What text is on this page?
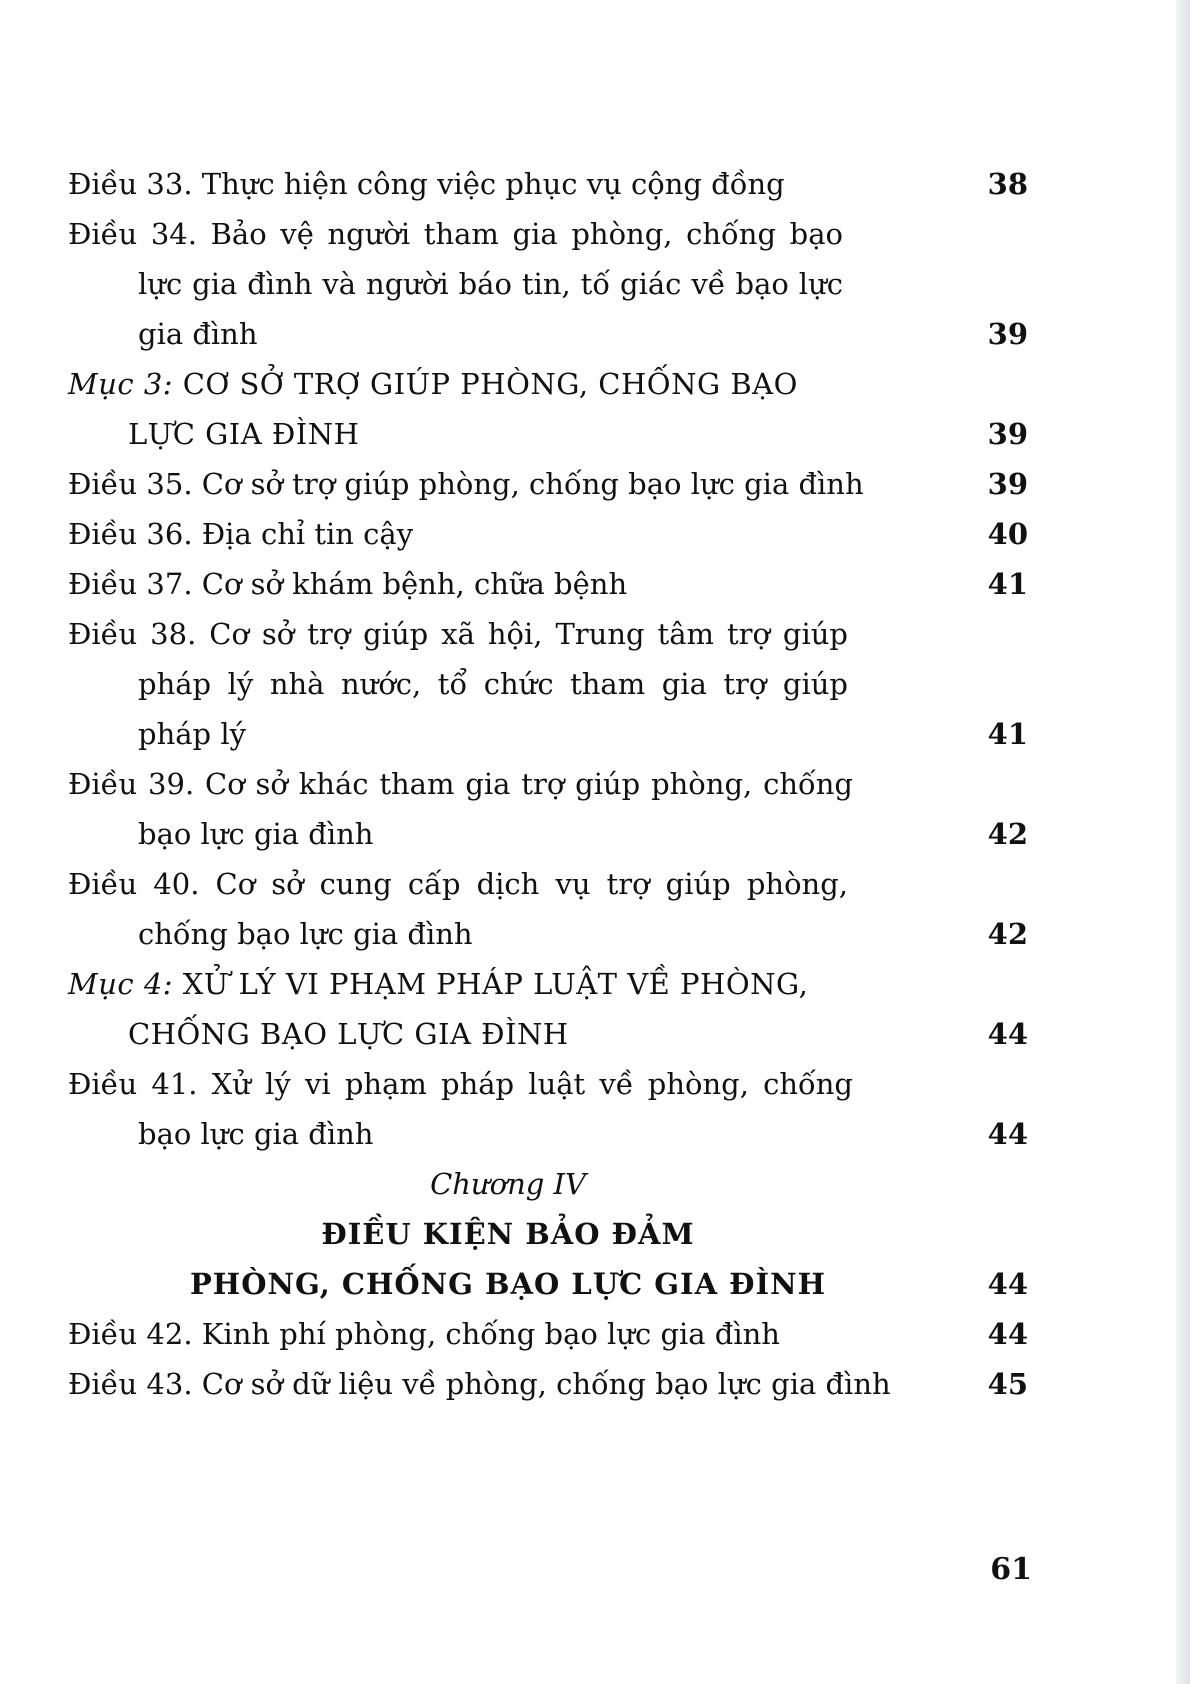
Điều 33. Thực hiện công việc phục vụ cộng đồng	38
Điều 34. Bảo vệ người tham gia phòng, chống bạo
lực gia đình và người báo tin, tố giác về bạo lực
gia đình	39
Mục 3: CƠ SỞ TRỢ GIÚP PHÒNG, CHỐNG BẠO
LỰC GIA ĐÌNH	39
Điều 35. Cơ sở trợ giúp phòng, chống bạo lực gia đình	39
Điều 36. Địa chỉ tin cậy	40
Điều 37. Cơ sở khám bệnh, chữa bệnh	41
Điều 38. Cơ sở trợ giúp xã hội, Trung tâm trợ giúp
pháp lý nhà nước, tổ chức tham gia trợ giúp
pháp lý	41
Điều 39. Cơ sở khác tham gia trợ giúp phòng, chống
bạo lực gia đình	42
Điều 40. Cơ sở cung cấp dịch vụ trợ giúp phòng,
chống bạo lực gia đình	42
Mục 4: XỬ LÝ VI PHẠM PHÁP LUẬT VỀ PHÒNG,
CHỐNG BẠO LỰC GIA ĐÌNH	44
Điều 41. Xử lý vi phạm pháp luật về phòng, chống
bạo lực gia đình	44
Chương IV
ĐIỀU KIỆN BẢO ĐẢM
PHÒNG, CHỐNG BẠO LỰC GIA ĐÌNH	44
Điều 42. Kinh phí phòng, chống bạo lực gia đình	44
Điều 43. Cơ sở dữ liệu về phòng, chống bạo lực gia đình	45
61
